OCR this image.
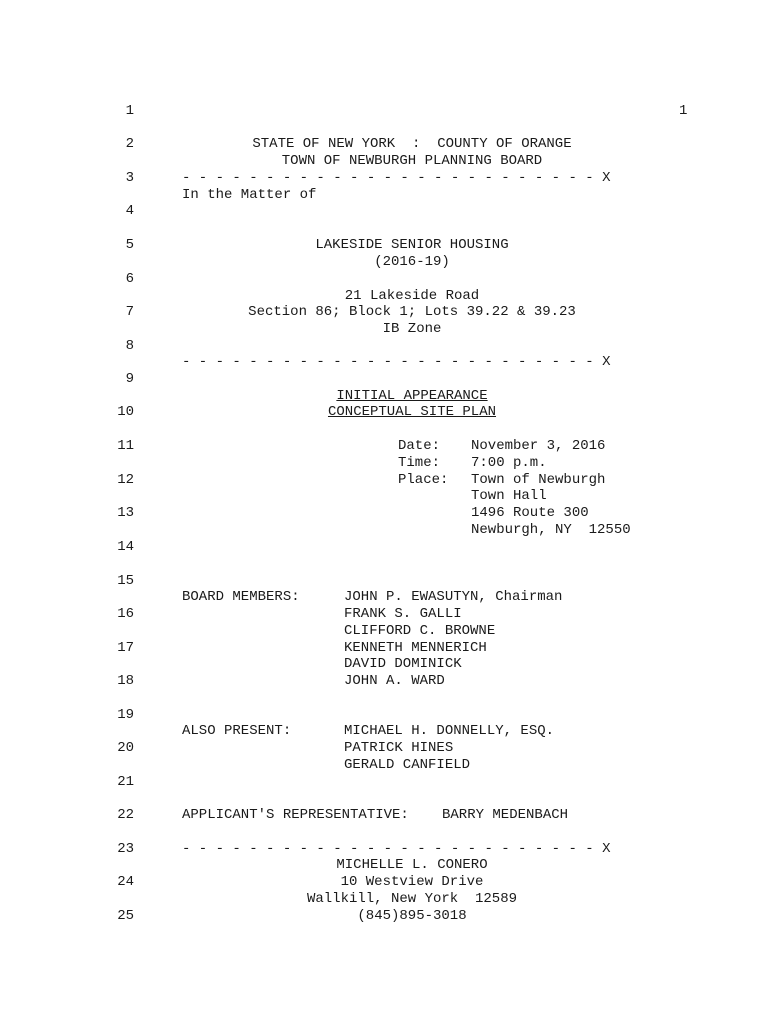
1
1
2
3
4
5
6
7
8
9
10
11
12
13
14
15
16
17
18
19
20
21
22
23
24
25
STATE OF NEW YORK  :  COUNTY OF ORANGE
TOWN OF NEWBURGH PLANNING BOARD
- - - - - - - - - - - - - - - - - - - - - - - - - X
In the Matter of
LAKESIDE SENIOR HOUSING
(2016-19)
21 Lakeside Road
Section 86; Block 1; Lots 39.22 & 39.23
IB Zone
- - - - - - - - - - - - - - - - - - - - - - - - - X
INITIAL APPEARANCE
CONCEPTUAL SITE PLAN
Date: November 3, 2016
Time: 7:00 p.m.
Place: Town of Newburgh
Town Hall
1496 Route 300
Newburgh, NY  12550
BOARD MEMBERS:	JOHN P. EWASUTYN, Chairman
FRANK S. GALLI
CLIFFORD C. BROWNE
KENNETH MENNERICH
DAVID DOMINICK
JOHN A. WARD
ALSO PRESENT:	MICHAEL H. DONNELLY, ESQ.
PATRICK HINES
GERALD CANFIELD
APPLICANT'S REPRESENTATIVE: BARRY MEDENBACH
- - - - - - - - - - - - - - - - - - - - - - - - - X
MICHELLE L. CONERO
10 Westview Drive
Wallkill, New York  12589
(845)895-3018
